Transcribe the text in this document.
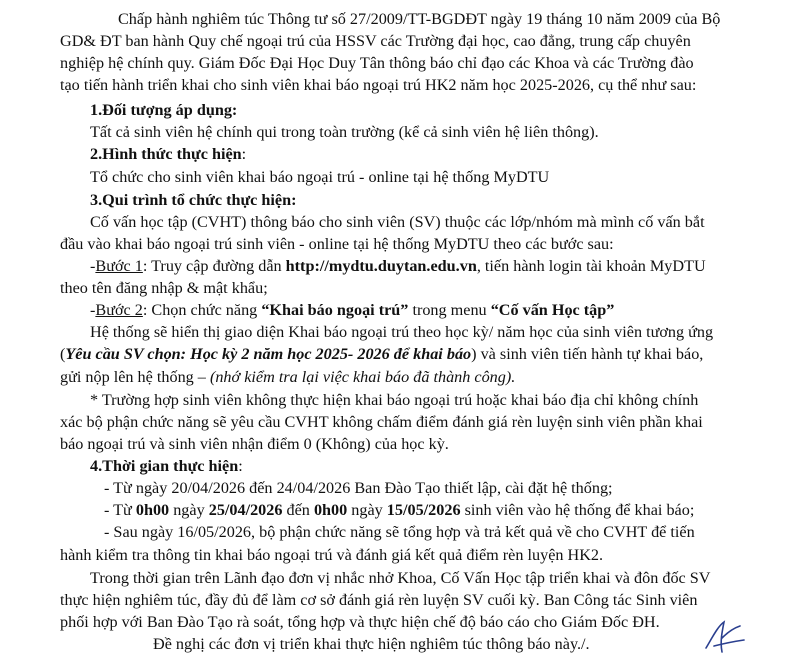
Chấp hành nghiêm túc Thông tư số 27/2009/TT-BGDĐT ngày 19 tháng 10 năm 2009 của Bộ
GD& ĐT ban hành Quy chế ngoại trú của HSSV các Trường đại học, cao đẳng, trung cấp chuyên
nghiệp hệ chính quy. Giám Đốc Đại Học Duy Tân thông báo chỉ đạo các Khoa và các Trường đào
tạo tiến hành triển khai cho sinh viên khai báo ngoại trú HK2 năm học 2025-2026, cụ thể như sau:
1.Đối tượng áp dụng:
Tất cả sinh viên hệ chính qui trong toàn trường (kể cả sinh viên hệ liên thông).
2.Hình thức thực hiện:
Tổ chức cho sinh viên khai báo ngoại trú - online tại hệ thống MyDTU
3.Qui trình tổ chức thực hiện:
Cố vấn học tập (CVHT) thông báo cho sinh viên (SV) thuộc các lớp/nhóm mà mình cố vấn bắt
đầu vào khai báo ngoại trú sinh viên - online tại hệ thống MyDTU theo các bước sau:
-Bước 1: Truy cập đường dẫn http://mydtu.duytan.edu.vn, tiến hành login tài khoản MyDTU
theo tên đăng nhập & mật khẩu;
-Bước 2: Chọn chức năng “Khai báo ngoại trú” trong menu “Cố vấn Học tập”
Hệ thống sẽ hiển thị giao diện Khai báo ngoại trú theo học kỳ/ năm học của sinh viên tương ứng
(Yêu cầu SV chọn: Học kỳ 2 năm học 2025- 2026 để khai báo) và sinh viên tiến hành tự khai báo,
gửi nộp lên hệ thống – (nhớ kiểm tra lại việc khai báo đã thành công).
* Trường hợp sinh viên không thực hiện khai báo ngoại trú hoặc khai báo địa chỉ không chính
xác bộ phận chức năng sẽ yêu cầu CVHT không chấm điểm đánh giá rèn luyện sinh viên phần khai
báo ngoại trú và sinh viên nhận điểm 0 (Không) của học kỳ.
4.Thời gian thực hiện:
- Từ ngày 20/04/2026 đến 24/04/2026 Ban Đào Tạo thiết lập, cài đặt hệ thống;
- Từ 0h00 ngày 25/04/2026 đến 0h00 ngày 15/05/2026 sinh viên vào hệ thống để khai báo;
- Sau ngày 16/05/2026, bộ phận chức năng sẽ tổng hợp và trả kết quả về cho CVHT để tiến
hành kiểm tra thông tin khai báo ngoại trú và đánh giá kết quả điểm rèn luyện HK2.
Trong thời gian trên Lãnh đạo đơn vị nhắc nhở Khoa, Cố Vấn Học tập triển khai và đôn đốc SV
thực hiện nghiêm túc, đầy đủ để làm cơ sở đánh giá rèn luyện SV cuối kỳ. Ban Công tác Sinh viên
phối hợp với Ban Đào Tạo rà soát, tổng hợp và thực hiện chế độ báo cáo cho Giám Đốc ĐH.
Đề nghị các đơn vị triển khai thực hiện nghiêm túc thông báo này./.
